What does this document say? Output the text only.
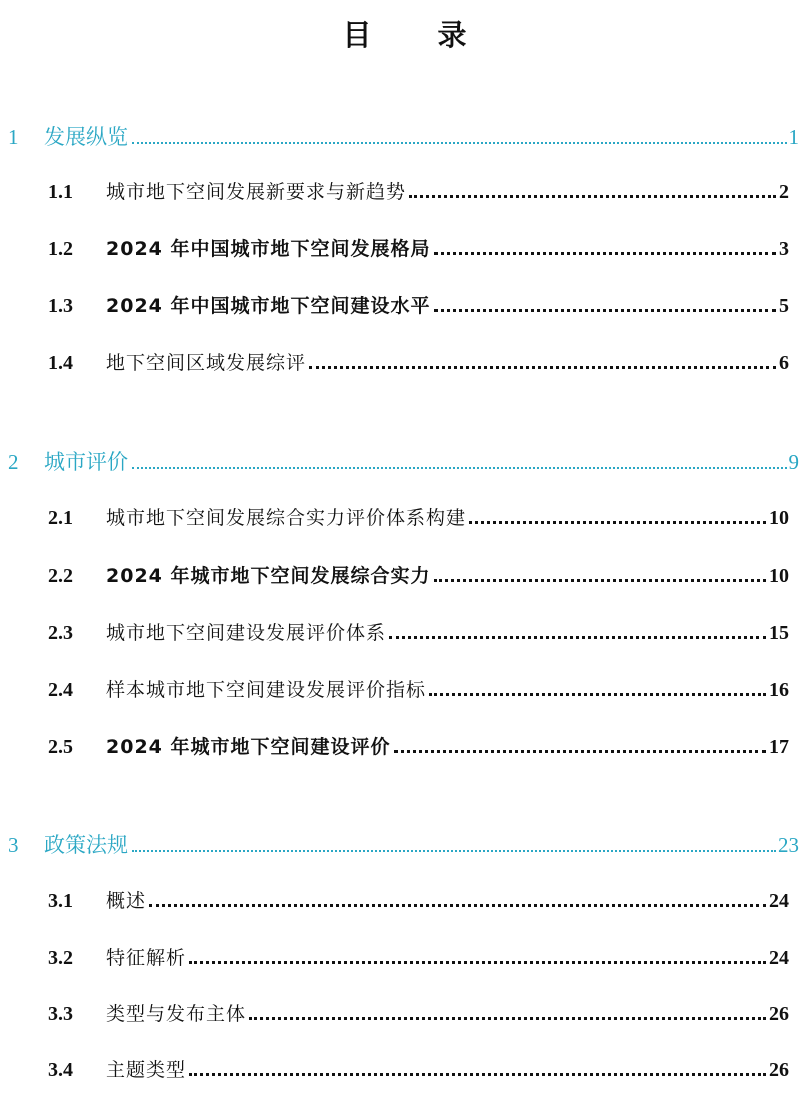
目 录
1	发展纵览	1
1.1	城市地下空间发展新要求与新趋势	2
1.2	2024 年中国城市地下空间发展格局	3
1.3	2024 年中国城市地下空间建设水平	5
1.4	地下空间区域发展综评	6
2	城市评价	9
2.1	城市地下空间发展综合实力评价体系构建	10
2.2	2024 年城市地下空间发展综合实力	10
2.3	城市地下空间建设发展评价体系	15
2.4	样本城市地下空间建设发展评价指标	16
2.5	2024 年城市地下空间建设评价	17
3	政策法规	23
3.1	概述	24
3.2	特征解析	24
3.3	类型与发布主体	26
3.4	主题类型	26
